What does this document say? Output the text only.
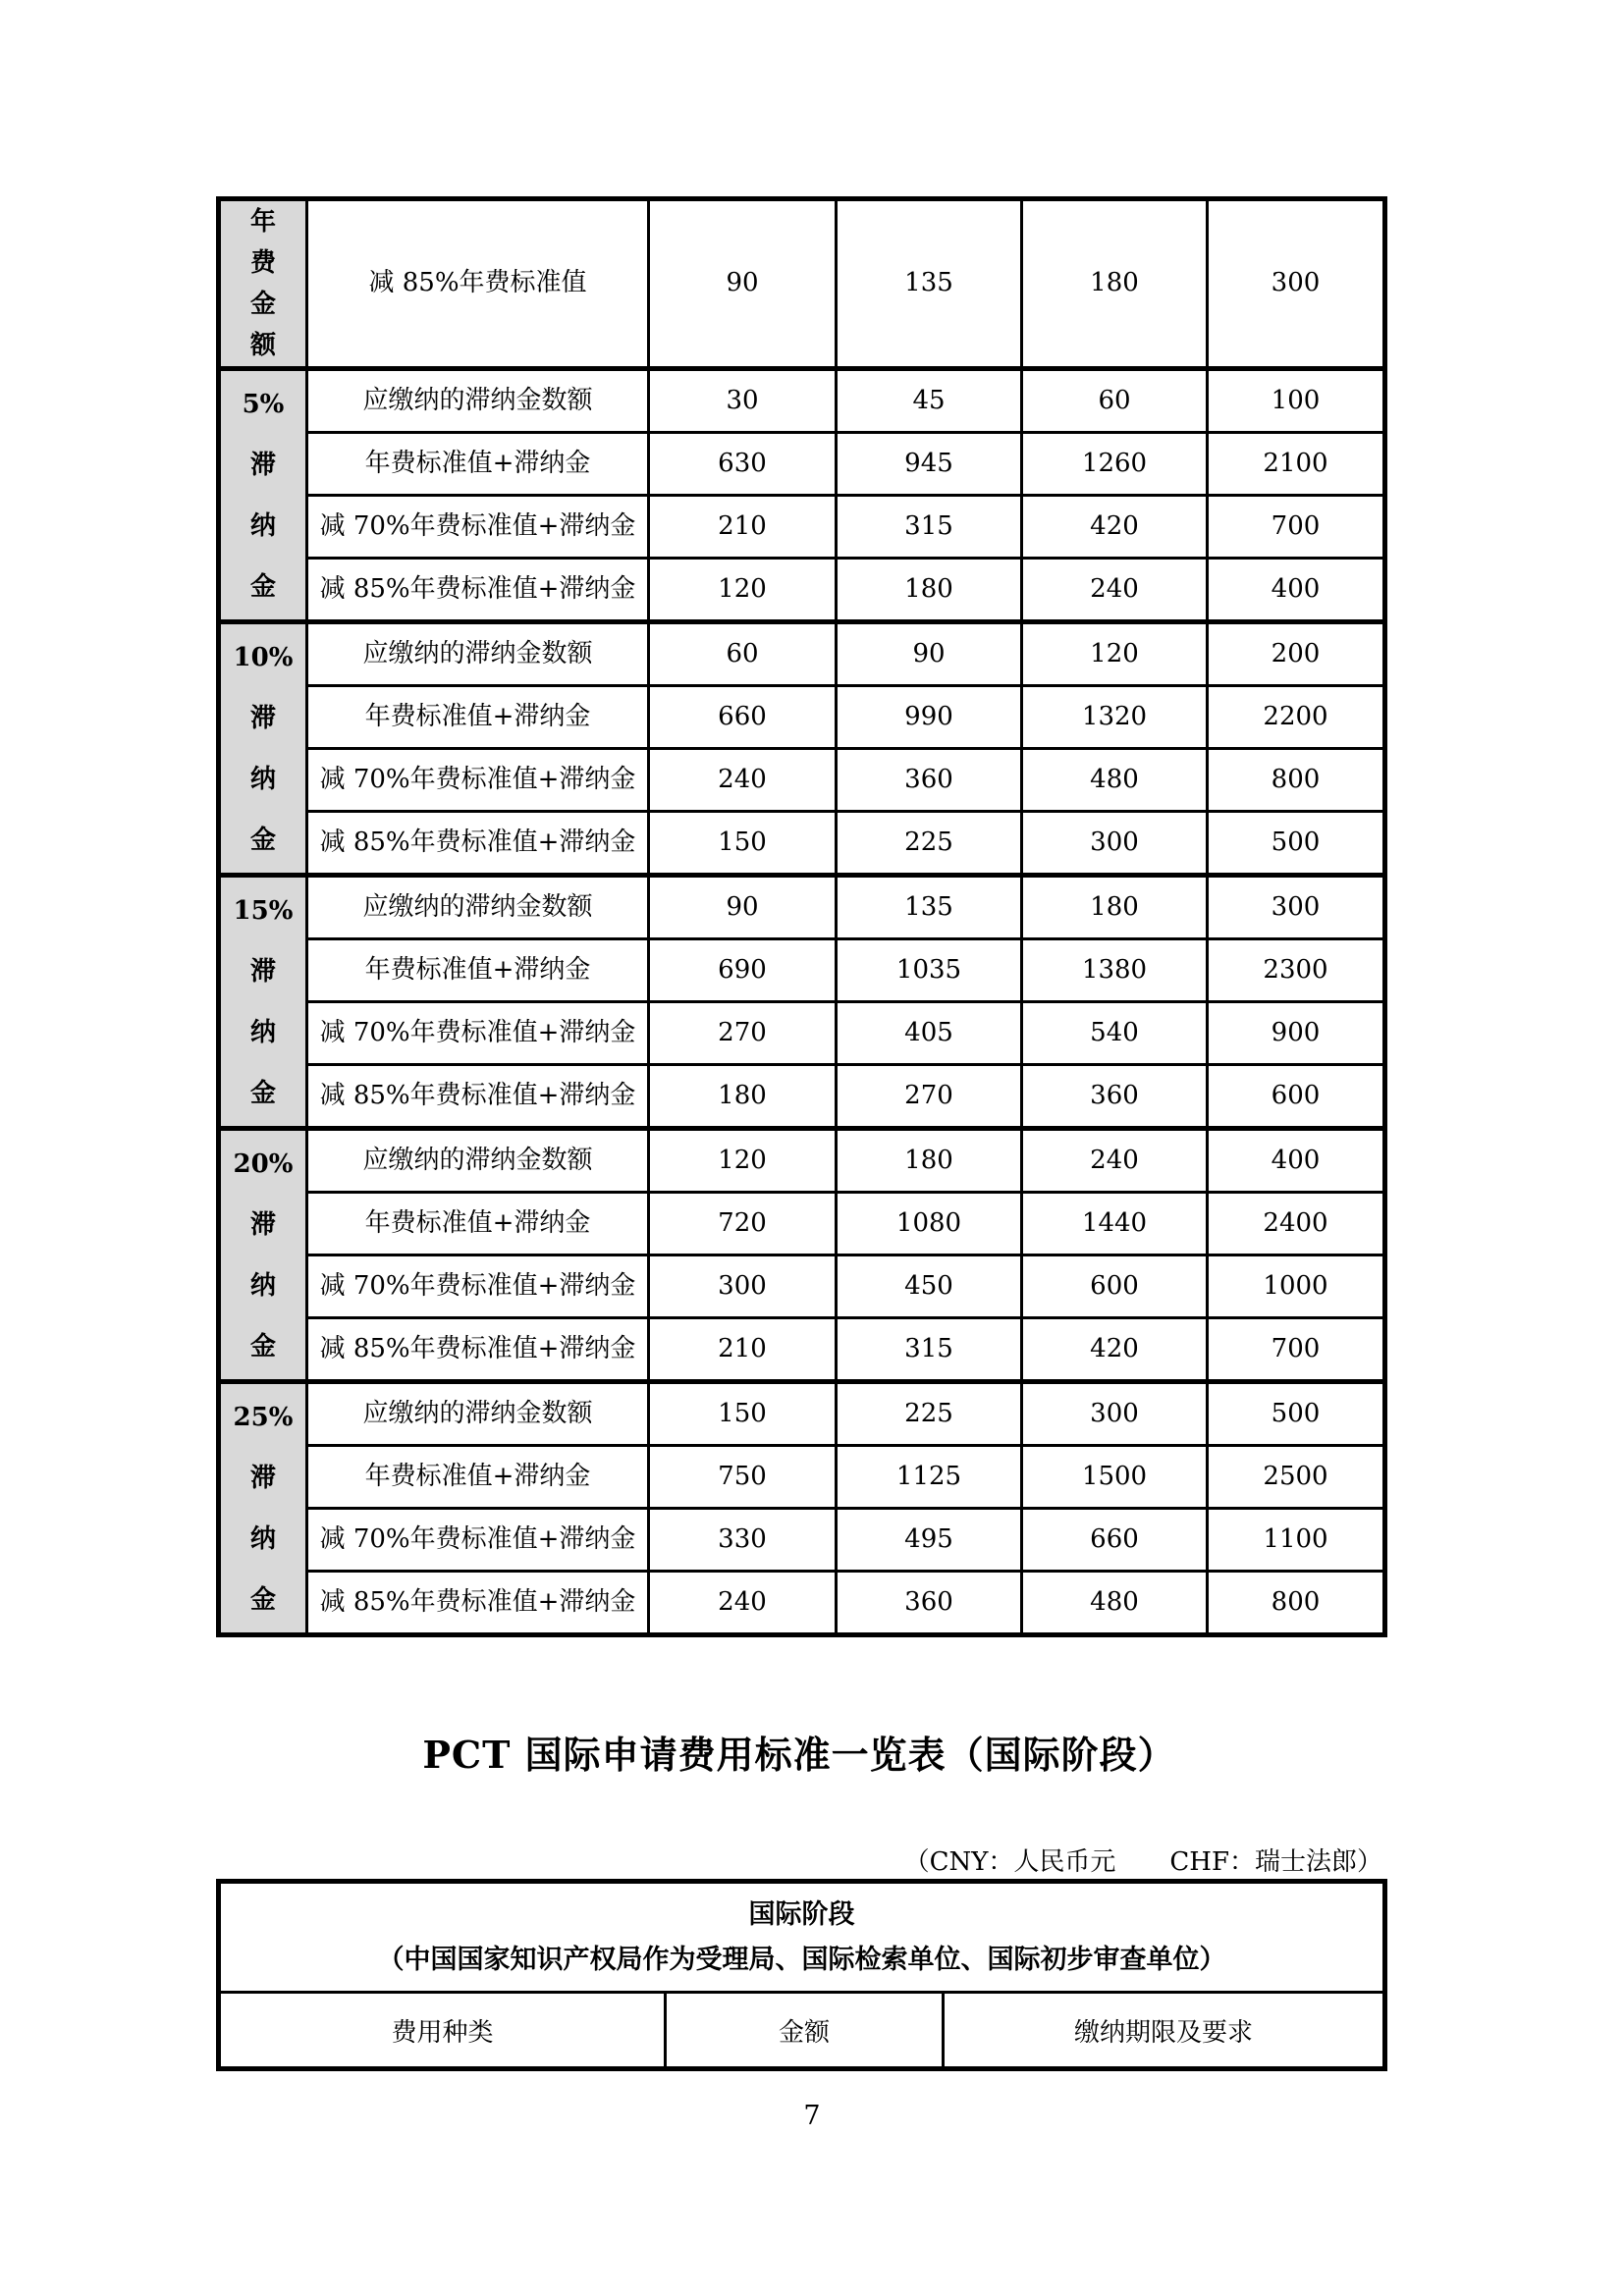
年
费
金
额	减 85%年费标准值	90	135	180	300

5%
滞
纳
金	应缴纳的滞纳金数额	30	45	60	100
	年费标准值+滞纳金	630	945	1260	2100
	减 70%年费标准值+滞纳金	210	315	420	700
	减 85%年费标准值+滞纳金	120	180	240	400

10%
滞
纳
金	应缴纳的滞纳金数额	60	90	120	200
	年费标准值+滞纳金	660	990	1320	2200
	减 70%年费标准值+滞纳金	240	360	480	800
	减 85%年费标准值+滞纳金	150	225	300	500

15%
滞
纳
金	应缴纳的滞纳金数额	90	135	180	300
	年费标准值+滞纳金	690	1035	1380	2300
	减 70%年费标准值+滞纳金	270	405	540	900
	减 85%年费标准值+滞纳金	180	270	360	600

20%
滞
纳
金	应缴纳的滞纳金数额	120	180	240	400
	年费标准值+滞纳金	720	1080	1440	2400
	减 70%年费标准值+滞纳金	300	450	600	1000
	减 85%年费标准值+滞纳金	210	315	420	700

25%
滞
纳
金	应缴纳的滞纳金数额	150	225	300	500
	年费标准值+滞纳金	750	1125	1500	2500
	减 70%年费标准值+滞纳金	330	495	660	1100
	减 85%年费标准值+滞纳金	240	360	480	800
PCT 国际申请费用标准一览表（国际阶段）
（CNY：人民币元 CHF：瑞士法郎）
国际阶段
（中国国家知识产权局作为受理局、国际检索单位、国际初步审查单位）

费用种类	金额	缴纳期限及要求
7
